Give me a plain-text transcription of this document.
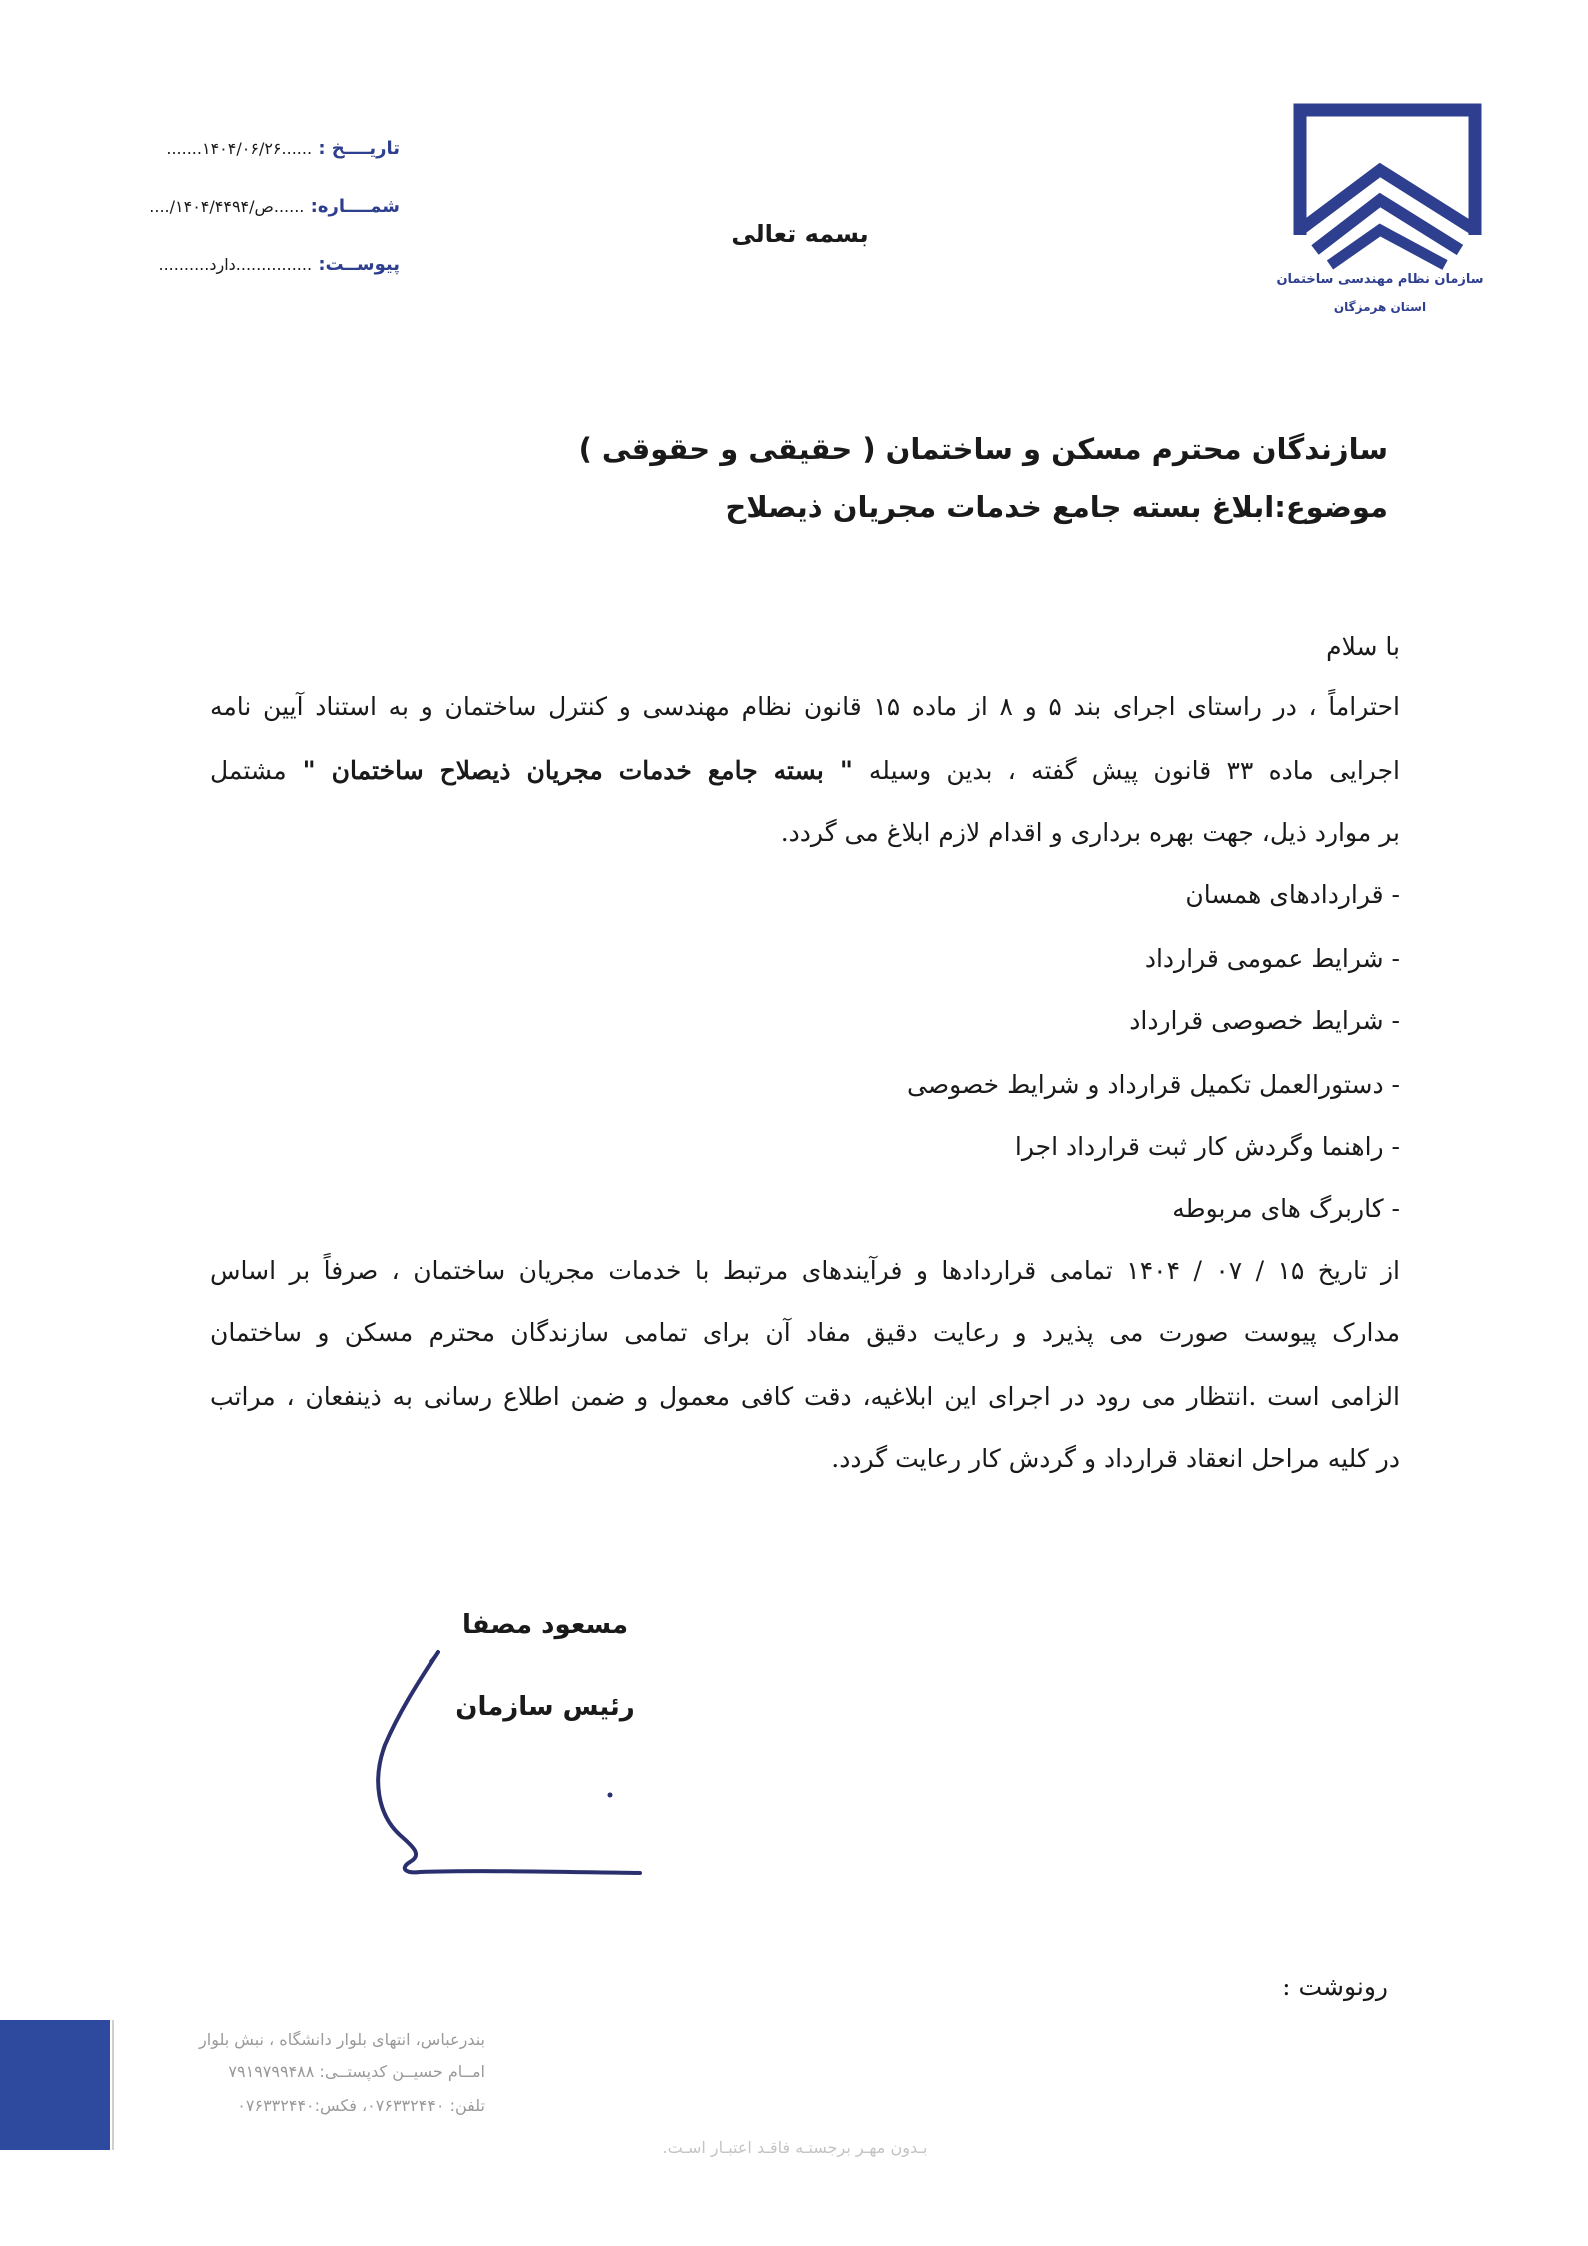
سازمان نظام مهندسی ساختمان
استان هرمزگان
تاریــــخ : ......۱۴۰۴/۰۶/۲۶.......
شمــــاره: ......ص/۱۴۰۴/۴۴۹۴/....
پیوســت: ...............دارد..........
بسمه تعالی
سازندگان محترم مسکن و ساختمان ( حقیقی و حقوقی )
موضوع:ابلاغ بسته جامع خدمات مجریان ذیصلاح
با سلام
احتراماً ، در راستای اجرای بند ۵ و ۸ از ماده ۱۵ قانون نظام مهندسی و کنترل ساختمان و به استناد آیین نامه
اجرایی ماده ۳۳ قانون پیش گفته ، بدین وسیله " بسته جامع خدمات مجریان ذیصلاح ساختمان " مشتمل
بر موارد ذیل، جهت بهره برداری و اقدام لازم ابلاغ می گردد.
- قراردادهای همسان
- شرایط عمومی قرارداد
- شرایط خصوصی قرارداد
- دستورالعمل تکمیل قرارداد و شرایط خصوصی
- راهنما وگردش کار ثبت قرارداد اجرا
- کاربرگ های مربوطه
از تاریخ ۱۵ / ۰۷ / ۱۴۰۴ تمامی قراردادها و فرآیندهای مرتبط با خدمات مجریان ساختمان ، صرفاً بر اساس
مدارک پیوست صورت می پذیرد و رعایت دقیق مفاد آن برای تمامی سازندگان محترم مسکن و ساختمان
الزامی است .انتظار می رود در اجرای این ابلاغیه، دقت کافی معمول و ضمن اطلاع رسانی به ذینفعان ، مراتب
در کلیه مراحل انعقاد قرارداد و گردش کار رعایت گردد.
مسعود مصفا
رئیس سازمان
رونوشت :
بندرعباس، انتهای بلوار دانشگاه ، نبش بلوار
امــام حسیــن کدپستــی: ۷۹۱۹۷۹۹۴۸۸
تلفن: ۰۷۶۳۳۲۴۴۰، فکس:۰۷۶۳۳۲۴۴۰
بـدون مهـر برجستـه فاقـد اعتبـار اسـت.
